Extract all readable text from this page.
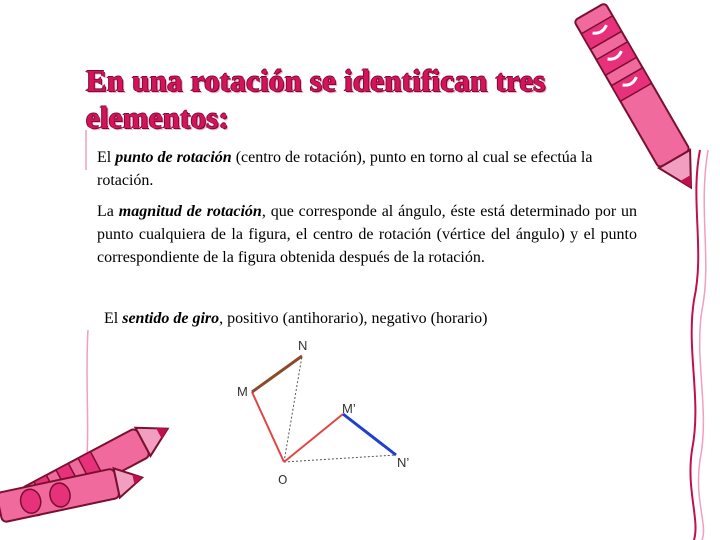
En una rotación se identifican tres elementos:

El punto de rotación (centro de rotación), punto en torno al cual se efectúa la rotación.

La magnitud de rotación, que corresponde al ángulo, éste está determinado por un punto cualquiera de la figura, el centro de rotación (vértice del ángulo) y el punto correspondiente de la figura obtenida después de la rotación.

El sentido de giro, positivo (antihorario), negativo (horario)

N
M
M’
N’
O
